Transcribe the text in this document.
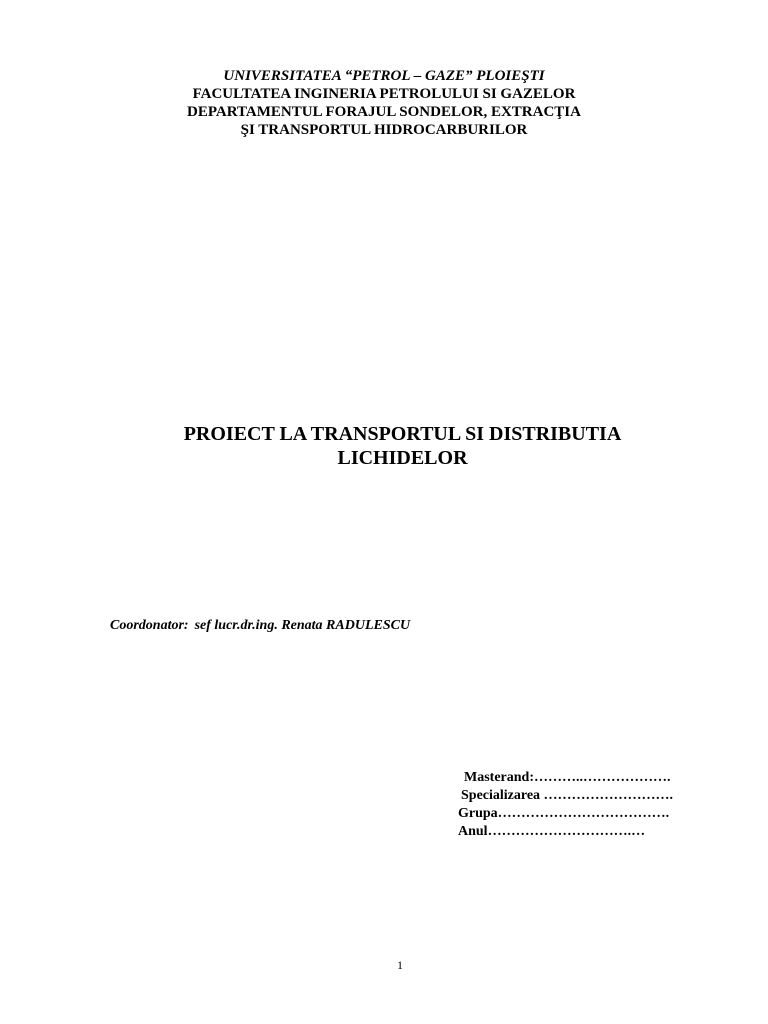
UNIVERSITATEA “PETROL – GAZE” PLOIEŞTI
FACULTATEA INGINERIA PETROLULUI SI GAZELOR
DEPARTAMENTUL FORAJUL SONDELOR, EXTRACŢIA
ŞI TRANSPORTUL HIDROCARBURILOR
PROIECT LA TRANSPORTUL SI DISTRIBUTIA
LICHIDELOR
Coordonator: sef lucr.dr.ing. Renata RADULESCU
Masterand:………..……………….
Specializarea ……………………….
Grupa……………………………….
Anul………………………….…
1
